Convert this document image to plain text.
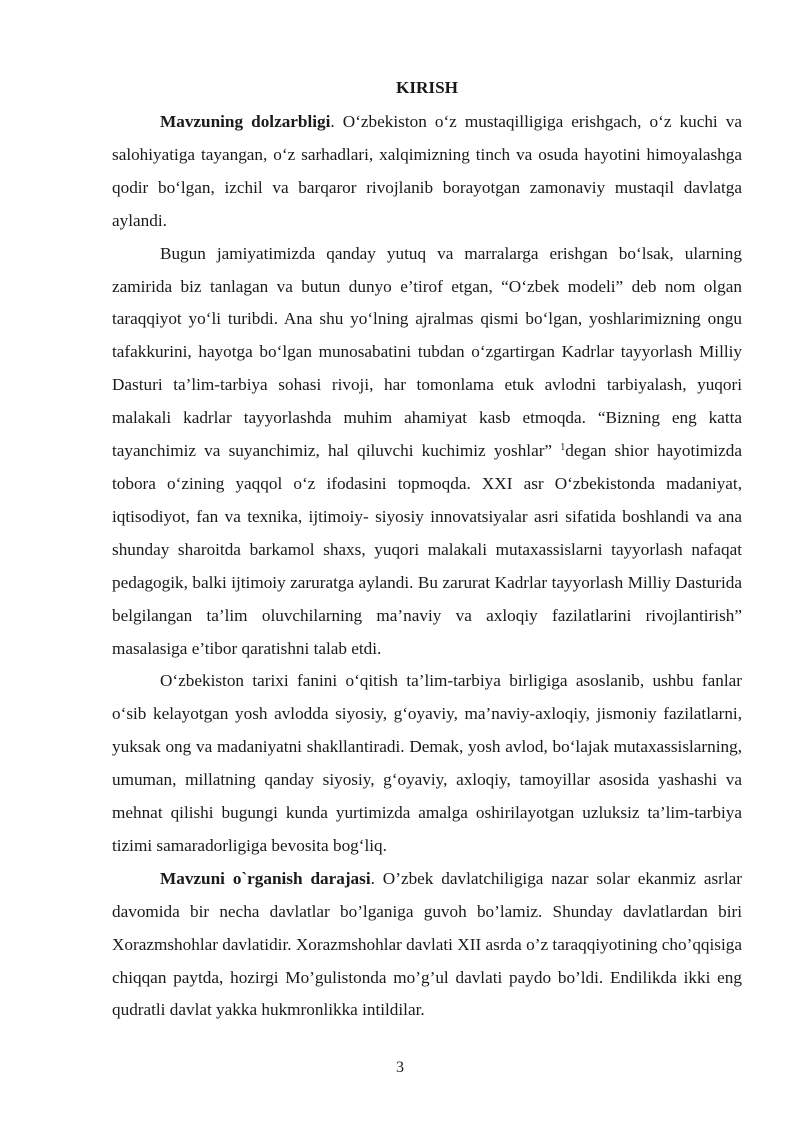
KIRISH

Mavzuning dolzarbligi. O‘zbekiston o‘z mustaqilligiga erishgach, o‘z kuchi va salohiyatiga tayangan, o‘z sarhadlari, xalqimizning tinch va osuda hayotini himoyalashga qodir bo‘lgan, izchil va barqaror rivojlanib borayotgan zamonaviy mustaqil davlatga aylandi.

Bugun jamiyatimizda qanday yutuq va marralarga erishgan bo‘lsak, ularning zamirida biz tanlagan va butun dunyo e’tirof etgan, “O‘zbek modeli” deb nom olgan taraqqiyot yo‘li turibdi. Ana shu yo‘lning ajralmas qismi bo‘lgan, yoshlarimizning ongu tafakkurini, hayotga bo‘lgan munosabatini tubdan o‘zgartirgan Kadrlar tayyorlash Milliy Dasturi ta’lim-tarbiya sohasi rivoji, har tomonlama etuk avlodni tarbiyalash, yuqori malakali kadrlar tayyorlashda muhim ahamiyat kasb etmoqda. “Bizning eng katta tayanchimiz va suyanchimiz, hal qiluvchi kuchimiz yoshlar” $^1$degan shior hayotimizda tobora o‘zining yaqqol o‘z ifodasini topmoqda. XXI asr O‘zbekistonda madaniyat, iqtisodiyot, fan va texnika, ijtimoiy- siyosiy innovatsiyalar asri sifatida boshlandi va ana shunday sharoitda barkamol shaxs, yuqori malakali mutaxassislarni tayyorlash nafaqat pedagogik, balki ijtimoiy zaruratga aylandi. Bu zarurat Kadrlar tayyorlash Milliy Dasturida belgilangan ta’lim oluvchilarning ma’naviy va axloqiy fazilatlarini rivojlantirish” masalasiga e’tibor qaratishni talab etdi.

O‘zbekiston tarixi fanini o‘qitish ta’lim-tarbiya birligiga asoslanib, ushbu fanlar o‘sib kelayotgan yosh avlodda siyosiy, g‘oyaviy, ma’naviy-axloqiy, jismoniy fazilatlarni, yuksak ong va madaniyatni shakllantiradi. Demak, yosh avlod, bo‘lajak mutaxassislarning, umuman, millatning qanday siyosiy, g‘oyaviy, axloqiy, tamoyillar asosida yashashi va mehnat qilishi bugungi kunda yurtimizda amalga oshirilayotgan uzluksiz ta’lim-tarbiya tizimi samaradorligiga bevosita bog‘liq.

Mavzuni o`rganish darajasi. O’zbek davlatchiligiga nazar solar ekanmiz asrlar davomida bir necha davlatlar bo’lganiga guvoh bo’lamiz. Shunday davlatlardan biri Xorazmshohlar davlatidir. Xorazmshohlar davlati XII asrda o’z taraqqiyotining cho’qqisiga chiqqan paytda, hozirgi Mo’gulistonda mo’g’ul davlati paydo bo’ldi. Endilikda ikki eng qudratli davlat yakka hukmronlikka intildilar.

3
